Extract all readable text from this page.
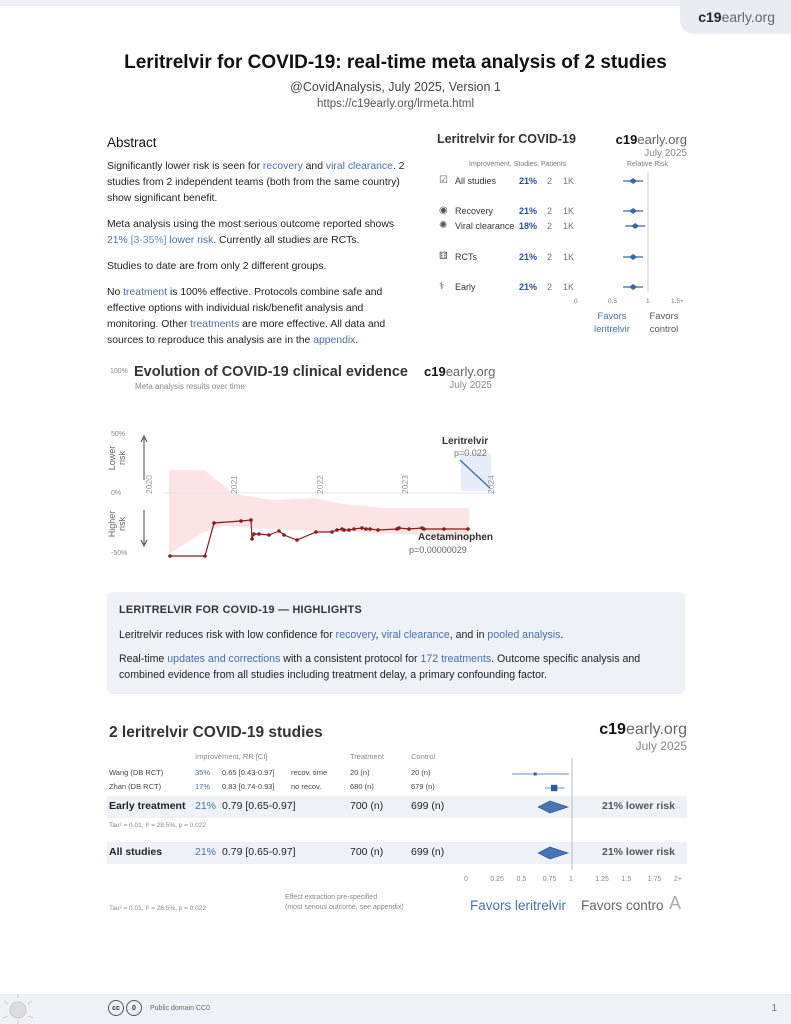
c19 early.org
Leritrelvir for COVID-19: real-time meta analysis of 2 studies
@CovidAnalysis, July 2025, Version 1
https://c19early.org/lrmeta.html
Abstract

Significantly lower risk is seen for recovery and viral clearance. 2 studies from 2 independent teams (both from the same country) show significant benefit.

Meta analysis using the most serious outcome reported shows 21% [3‑35%] lower risk. Currently all studies are RCTs.

Studies to date are from only 2 different groups.

No treatment is 100% effective. Protocols combine safe and effective options with individual risk/benefit analysis and monitoring. Other treatments are more effective. All data and sources to reproduce this analysis are in the appendix.

Leritrelvir for COVID-19	c19early.org
July 2025
Improvement, Studies, Patients	Relative Risk
☑ All studies	21% 2 1K
◉ Recovery	21% 2 1K
✺ Viral clearance 18% 2 1K
⚅ RCTs	21% 2 1K
⚕ Early	21% 2 1K
0	0.5	1	1.5+
Favors
leritrelvir
Favors
control
100% Evolution of COVID-19 clinical evidence
Meta analysis results over time
c19early.org
July 2025
50%
0%
-50%
Lower risk
Higher risk
2020	2021	2022	2023	2024
Leritrelvir
p=0.022
Acetaminophen
p=0.00000029
LERITRELVIR FOR COVID-19 — HIGHLIGHTS

Leritrelvir reduces risk with low confidence for recovery, viral clearance, and in pooled analysis.

Real-time updates and corrections with a consistent protocol for 172 treatments. Outcome specific analysis and combined evidence from all studies including treatment delay, a primary confounding factor.

2 leritrelvir COVID-19 studies	c19early.org
July 2025
Improvement, RR [CI]	Treatment	Control
Wang (DB RCT)	35% 0.65 [0.43-0.97] recov. time	20 (n)	20 (n)
Zhan (DB RCT)	17% 0.83 [0.74-0.93] no recov.	680 (n)	679 (n)
Early treatment 21% 0.79 [0.65-0.97]	700 (n)	699 (n)	21% lower risk
Tau² = 0.01, I² = 28.5%, p = 0.022
All studies	21% 0.79 [0.65-0.97]	700 (n)	699 (n)	21% lower risk
0	0.25 0.5 0.75 1	1.25 1.5 1.75 2+
Tau² = 0.01, I² = 28.5%, p = 0.022
Effect extraction pre-specified
(most serious outcome, see appendix)	Favors leritrelvir Favors contro A
cc	0	Public domain CC0	1
